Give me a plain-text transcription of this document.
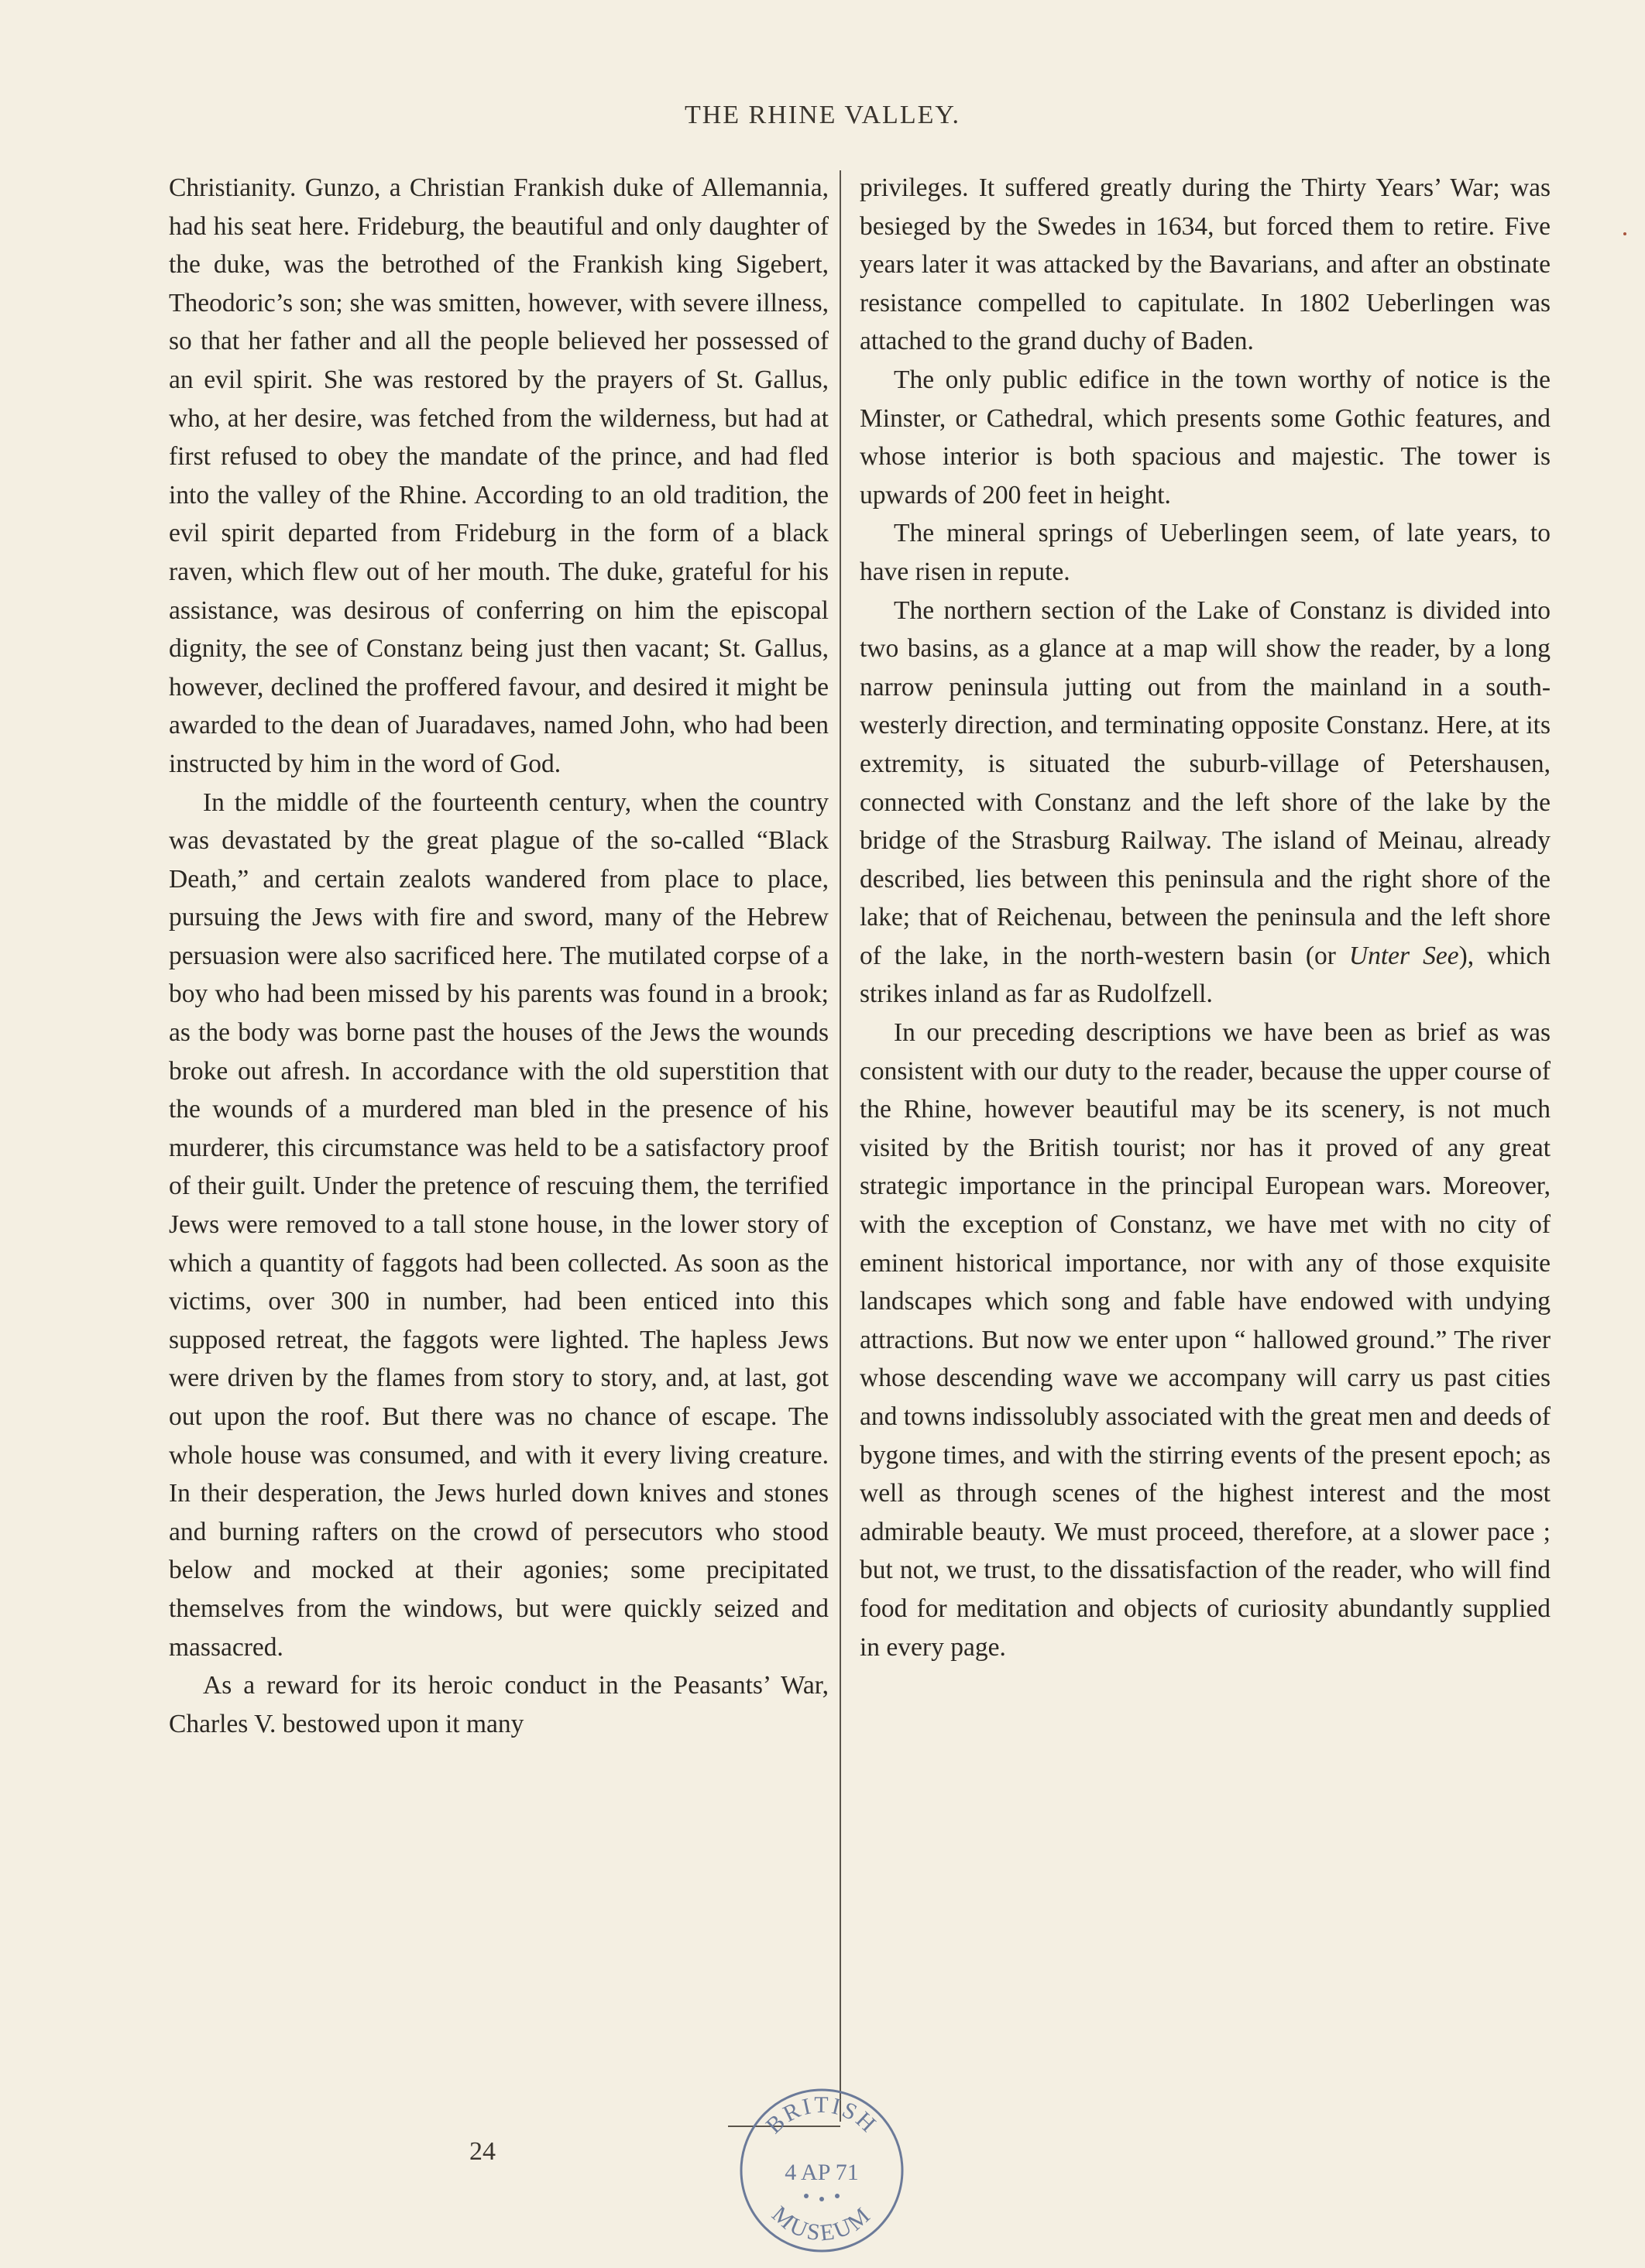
THE RHINE VALLEY.

Christianity. Gunzo, a Christian Frankish duke of Allemannia, had his seat here. Frideburg, the beautiful and only daughter of the duke, was the betrothed of the Frankish king Sigebert, Theodoric’s son; she was smitten, however, with severe illness, so that her father and all the people believed her possessed of an evil spirit. She was restored by the prayers of St. Gallus, who, at her desire, was fetched from the wilderness, but had at first refused to obey the mandate of the prince, and had fled into the valley of the Rhine. According to an old tradition, the evil spirit departed from Frideburg in the form of a black raven, which flew out of her mouth. The duke, grateful for his assistance, was desirous of conferring on him the episcopal dignity, the see of Constanz being just then vacant; St. Gallus, however, declined the proffered favour, and desired it might be awarded to the dean of Juaradaves, named John, who had been instructed by him in the word of God.

In the middle of the fourteenth century, when the country was devastated by the great plague of the so-called “Black Death,” and certain zealots wandered from place to place, pursuing the Jews with fire and sword, many of the Hebrew persuasion were also sacrificed here. The mutilated corpse of a boy who had been missed by his parents was found in a brook; as the body was borne past the houses of the Jews the wounds broke out afresh. In accordance with the old superstition that the wounds of a murdered man bled in the presence of his murderer, this circumstance was held to be a satisfactory proof of their guilt. Under the pretence of rescuing them, the terrified Jews were removed to a tall stone house, in the lower story of which a quantity of faggots had been collected. As soon as the victims, over 300 in number, had been enticed into this supposed retreat, the faggots were lighted. The hapless Jews were driven by the flames from story to story, and, at last, got out upon the roof. But there was no chance of escape. The whole house was consumed, and with it every living creature. In their desperation, the Jews hurled down knives and stones and burning rafters on the crowd of persecutors who stood below and mocked at their agonies; some precipitated themselves from the windows, but were quickly seized and massacred.

As a reward for its heroic conduct in the Peasants’ War, Charles V. bestowed upon it many

privileges. It suffered greatly during the Thirty Years’ War; was besieged by the Swedes in 1634, but forced them to retire. Five years later it was attacked by the Bavarians, and after an obstinate resistance compelled to capitulate. In 1802 Ueberlingen was attached to the grand duchy of Baden.

The only public edifice in the town worthy of notice is the Minster, or Cathedral, which presents some Gothic features, and whose interior is both spacious and majestic. The tower is upwards of 200 feet in height.

The mineral springs of Ueberlingen seem, of late years, to have risen in repute.

The northern section of the Lake of Constanz is divided into two basins, as a glance at a map will show the reader, by a long narrow peninsula jutting out from the mainland in a south-westerly direction, and terminating opposite Constanz. Here, at its extremity, is situated the suburb-village of Petershausen, connected with Constanz and the left shore of the lake by the bridge of the Strasburg Railway. The island of Meinau, already described, lies between this peninsula and the right shore of the lake; that of Reichenau, between the peninsula and the left shore of the lake, in the north-western basin (or Unter See), which strikes inland as far as Rudolfzell.

In our preceding descriptions we have been as brief as was consistent with our duty to the reader, because the upper course of the Rhine, however beautiful may be its scenery, is not much visited by the British tourist; nor has it proved of any great strategic importance in the principal European wars. Moreover, with the exception of Constanz, we have met with no city of eminent historical importance, nor with any of those exquisite landscapes which song and fable have endowed with undying attractions. But now we enter upon “ hallowed ground.” The river whose descending wave we accompany will carry us past cities and towns indissolubly associated with the great men and deeds of bygone times, and with the stirring events of the present epoch; as well as through scenes of the highest interest and the most admirable beauty. We must proceed, therefore, at a slower pace ; but not, we trust, to the dissatisfaction of the reader, who will find food for meditation and objects of curiosity abundantly supplied in every page.

24
BRITISH
4 AP 71
MUSEUM
